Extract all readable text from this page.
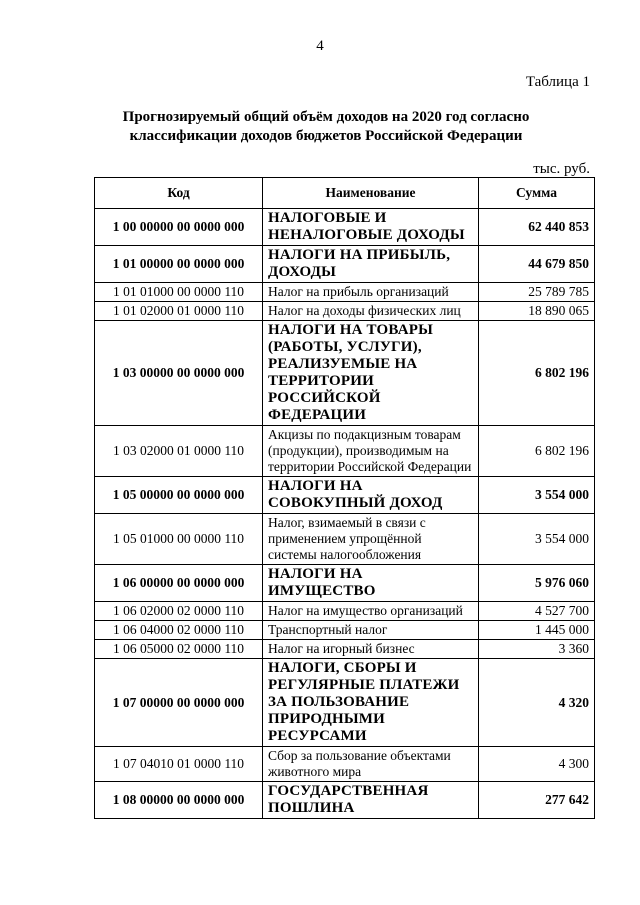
4
Таблица 1
Прогнозируемый общий объём доходов на 2020 год согласно
классификации доходов бюджетов Российской Федерации
тыс. руб.
Код	Наименование	Сумма
1 00 00000 00 0000 000	НАЛОГОВЫЕ И НЕНАЛОГОВЫЕ ДОХОДЫ	62 440 853
1 01 00000 00 0000 000	НАЛОГИ НА ПРИБЫЛЬ, ДОХОДЫ	44 679 850
1 01 01000 00 0000 110	Налог на прибыль организаций	25 789 785
1 01 02000 01 0000 110	Налог на доходы физических лиц	18 890 065
1 03 00000 00 0000 000	НАЛОГИ НА ТОВАРЫ (РАБОТЫ, УСЛУГИ), РЕАЛИЗУЕМЫЕ НА ТЕРРИТОРИИ РОССИЙСКОЙ ФЕДЕРАЦИИ	6 802 196
1 03 02000 01 0000 110	Акцизы по подакцизным товарам (продукции), производимым на территории Российской Федерации	6 802 196
1 05 00000 00 0000 000	НАЛОГИ НА СОВОКУПНЫЙ ДОХОД	3 554 000
1 05 01000 00 0000 110	Налог, взимаемый в связи с применением упрощённой системы налогообложения	3 554 000
1 06 00000 00 0000 000	НАЛОГИ НА ИМУЩЕСТВО	5 976 060
1 06 02000 02 0000 110	Налог на имущество организаций	4 527 700
1 06 04000 02 0000 110	Транспортный налог	1 445 000
1 06 05000 02 0000 110	Налог на игорный бизнес	3 360
1 07 00000 00 0000 000	НАЛОГИ, СБОРЫ И РЕГУЛЯРНЫЕ ПЛАТЕЖИ ЗА ПОЛЬЗОВАНИЕ ПРИРОДНЫМИ РЕСУРСАМИ	4 320
1 07 04010 01 0000 110	Сбор за пользование объектами животного мира	4 300
1 08 00000 00 0000 000	ГОСУДАРСТВЕННАЯ ПОШЛИНА	277 642
